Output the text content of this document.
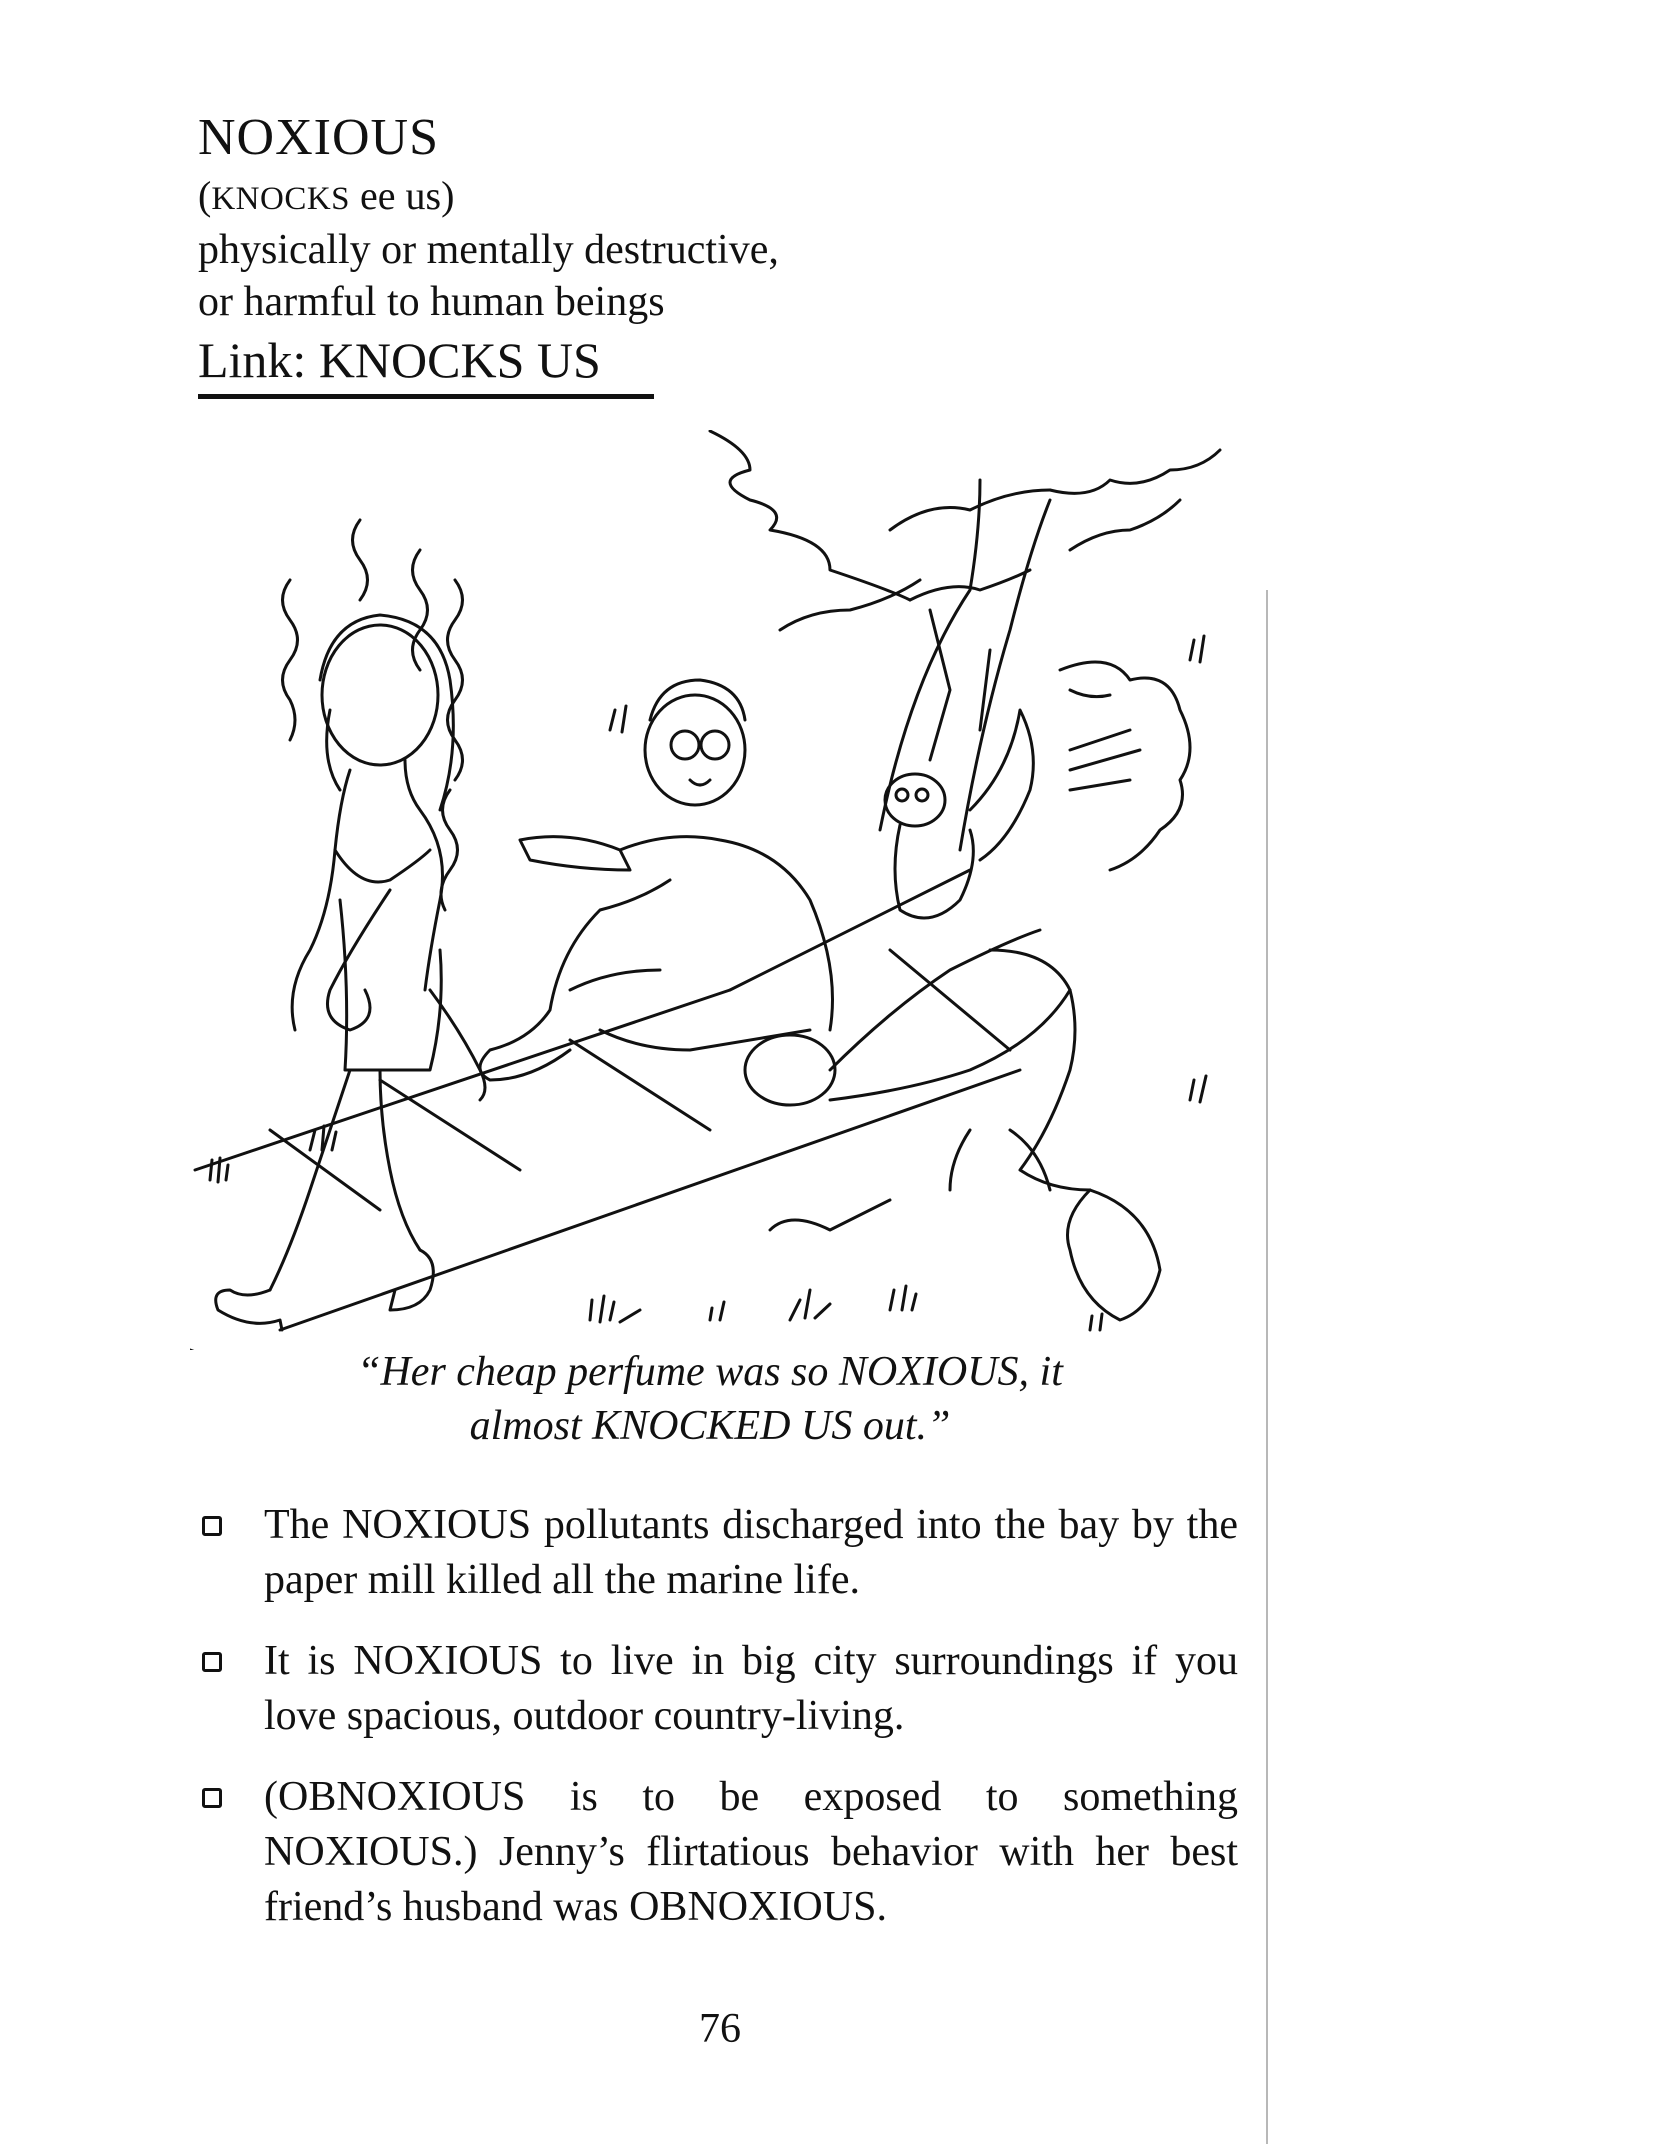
NOXIOUS
(KNOCKS ee us)
physically or mentally destructive,
or harmful to human beings
Link: KNOCKS US
“Her cheap perfume was so NOXIOUS, it
almost KNOCKED US out.”
The NOXIOUS pollutants discharged into the bay by the paper mill killed all the marine life.
It is NOXIOUS to live in big city surroundings if you love spacious, outdoor country-living.
(OBNOXIOUS is to be exposed to something NOXIOUS.) Jenny’s flirtatious behavior with her best friend’s husband was OBNOXIOUS.
76
